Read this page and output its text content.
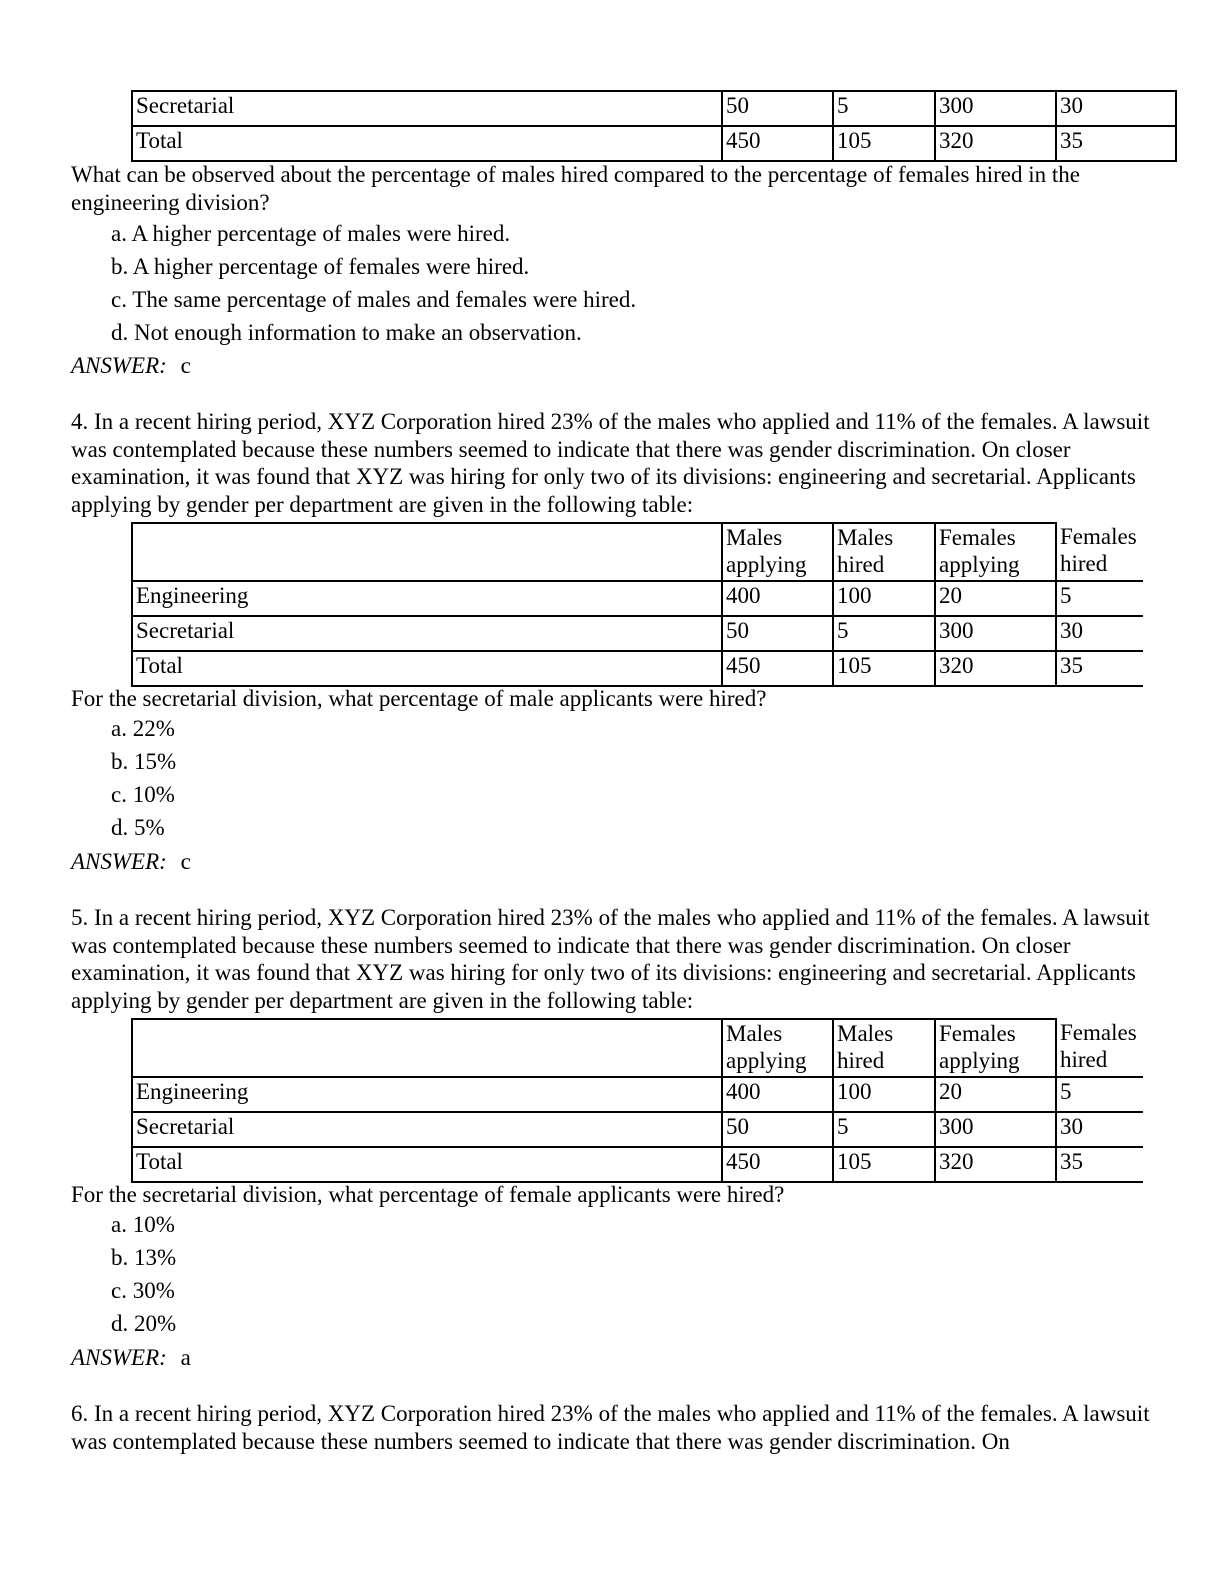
Secretarial	50	5	300	30
Total	450	105	320	35

What can be observed about the percentage of males hired compared to the percentage of females hired in the engineering division?

a. A higher percentage of males were hired.
b. A higher percentage of females were hired.
c. The same percentage of males and females were hired.
d. Not enough information to make an observation.
ANSWER: c

4. In a recent hiring period, XYZ Corporation hired 23% of the males who applied and 11% of the females. A lawsuit was contemplated because these numbers seemed to indicate that there was gender discrimination. On closer examination, it was found that XYZ was hiring for only two of its divisions: engineering and secretarial. Applicants applying by gender per department are given in the following table:

	Males applying	Males hired	Females applying	Females hired
Engineering	400	100	20	5
Secretarial	50	5	300	30
Total	450	105	320	35

For the secretarial division, what percentage of male applicants were hired?

a. 22%
b. 15%
c. 10%
d. 5%
ANSWER: c

5. In a recent hiring period, XYZ Corporation hired 23% of the males who applied and 11% of the females. A lawsuit was contemplated because these numbers seemed to indicate that there was gender discrimination. On closer examination, it was found that XYZ was hiring for only two of its divisions: engineering and secretarial. Applicants applying by gender per department are given in the following table:

	Males applying	Males hired	Females applying	Females hired
Engineering	400	100	20	5
Secretarial	50	5	300	30
Total	450	105	320	35

For the secretarial division, what percentage of female applicants were hired?

a. 10%
b. 13%
c. 30%
d. 20%
ANSWER: a

6. In a recent hiring period, XYZ Corporation hired 23% of the males who applied and 11% of the females. A lawsuit was contemplated because these numbers seemed to indicate that there was gender discrimination. On
